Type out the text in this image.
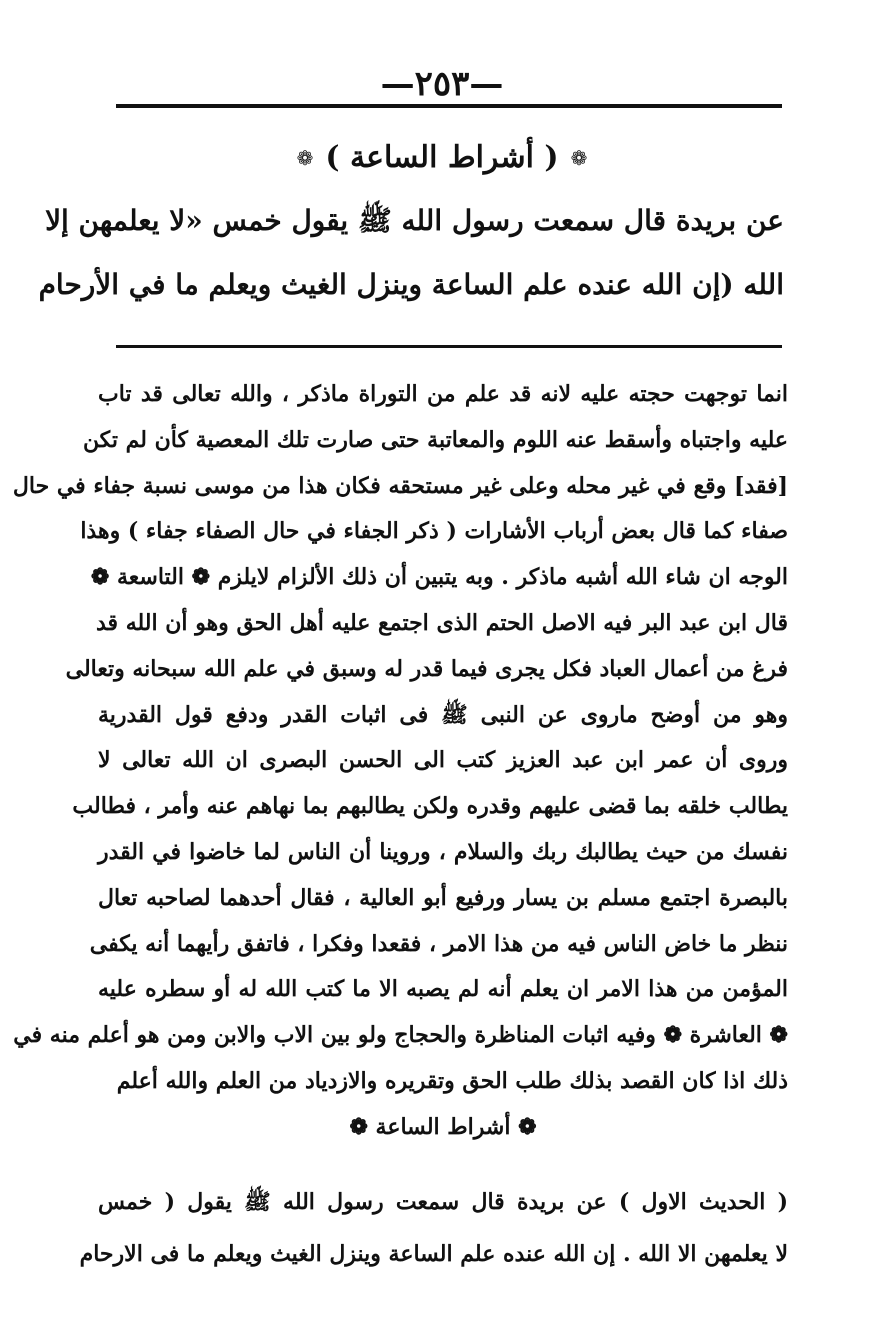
—٢٥٣—
❁
( أشراط الساعة )
❁
عن بريدة قال سمعت رسول الله ﷺ يقول خمس «لا يعلمهن إلا
الله (إن الله عنده علم الساعة وينزل الغيث ويعلم ما في الأرحام
انما توجهت حجته عليه لانه قد علم من التوراة ماذكر ، والله تعالى قد تاب
عليه واجتباه وأسقط عنه اللوم والمعاتبة حتى صارت تلك المعصية كأن لم تكن
[فقد] وقع في غير محله وعلى غير مستحقه فكان هذا من موسى نسبة جفاء في حال
صفاء كما قال بعض أرباب الأشارات ( ذكر الجفاء في حال الصفاء جفاء ) وهذا
الوجه ان شاء الله أشبه ماذكر . وبه يتبين أن ذلك الألزام لايلزم ❁ التاسعة ❁
قال ابن عبد البر فيه الاصل الحتم الذى اجتمع عليه أهل الحق وهو أن الله قد
فرغ من أعمال العباد فكل يجرى فيما قدر له وسبق في علم الله سبحانه وتعالى
وهو من أوضح ماروى عن النبى ﷺ فى اثبات القدر ودفع قول القدرية
وروى أن عمر ابن عبد العزيز كتب الى الحسن البصرى ان الله تعالى لا
يطالب خلقه بما قضى عليهم وقدره ولكن يطالبهم بما نهاهم عنه وأمر ، فطالب
نفسك من حيث يطالبك ربك والسلام ، وروينا أن الناس لما خاضوا في القدر
بالبصرة اجتمع مسلم بن يسار ورفيع أبو العالية ، فقال أحدهما لصاحبه تعال
ننظر ما خاض الناس فيه من هذا الامر ، فقعدا وفكرا ، فاتفق رأيهما أنه يكفى
المؤمن من هذا الامر ان يعلم أنه لم يصبه الا ما كتب الله له أو سطره عليه
❁ العاشرة ❁ وفيه اثبات المناظرة والحجاج ولو بين الاب والابن ومن هو أعلم منه في
ذلك اذا كان القصد بذلك طلب الحق وتقريره والازدياد من العلم والله أعلم
❁ أشراط الساعة ❁
( الحديث الاول ) عن بريدة قال سمعت رسول الله ﷺ يقول ( خمس
لا يعلمهن الا الله . إن الله عنده علم الساعة وينزل الغيث ويعلم ما فى الارحام
